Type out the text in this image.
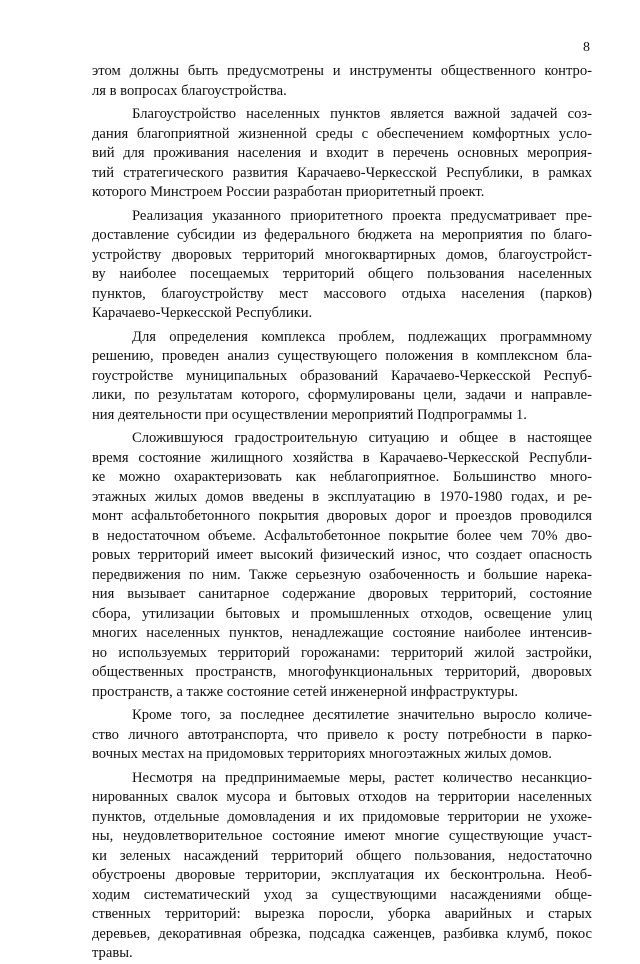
8
этом должны быть предусмотрены и инструменты общественного контро-
ля в вопросах благоустройства.
Благоустройство населенных пунктов является важной задачей соз-
дания благоприятной жизненной среды с обеспечением комфортных усло-
вий для проживания населения и входит в перечень основных мероприя-
тий стратегического развития Карачаево-Черкесской Республики, в рамках
которого Минстроем России разработан приоритетный проект.
Реализация указанного приоритетного проекта предусматривает пре-
доставление субсидии из федерального бюджета на мероприятия по благо-
устройству дворовых территорий многоквартирных домов, благоустройст-
ву наиболее посещаемых территорий общего пользования населенных
пунктов, благоустройству мест массового отдыха населения (парков)
Карачаево-Черкесской Республики.
Для определения комплекса проблем, подлежащих программному
решению, проведен анализ существующего положения в комплексном бла-
гоустройстве муниципальных образований Карачаево-Черкесской Респуб-
лики, по результатам которого, сформулированы цели, задачи и направле-
ния деятельности при осуществлении мероприятий Подпрограммы 1.
Сложившуюся градостроительную ситуацию и общее в настоящее
время состояние жилищного хозяйства в Карачаево-Черкесской Республи-
ке можно охарактеризовать как неблагоприятное. Большинство много-
этажных жилых домов введены в эксплуатацию в 1970-1980 годах, и ре-
монт асфальтобетонного покрытия дворовых дорог и проездов проводился
в недостаточном объеме. Асфальтобетонное покрытие более чем 70% дво-
ровых территорий имеет высокий физический износ, что создает опасность
передвижения по ним. Также серьезную озабоченность и большие нарека-
ния вызывает санитарное содержание дворовых территорий, состояние
сбора, утилизации бытовых и промышленных отходов, освещение улиц
многих населенных пунктов, ненадлежащие состояние наиболее интенсив-
но используемых территорий горожанами: территорий жилой застройки,
общественных пространств, многофункциональных территорий, дворовых
пространств, а также состояние сетей инженерной инфраструктуры.
Кроме того, за последнее десятилетие значительно выросло количе-
ство личного автотранспорта, что привело к росту потребности в парко-
вочных местах на придомовых территориях многоэтажных жилых домов.
Несмотря на предпринимаемые меры, растет количество несанкцио-
нированных свалок мусора и бытовых отходов на территории населенных
пунктов, отдельные домовладения и их придомовые территории не ухоже-
ны, неудовлетворительное состояние имеют многие существующие участ-
ки зеленых насаждений территорий общего пользования, недостаточно
обустроены дворовые территории, эксплуатация их бесконтрольна. Необ-
ходим систематический уход за существующими насаждениями обще-
ственных территорий: вырезка поросли, уборка аварийных и старых
деревьев, декоративная обрезка, подсадка саженцев, разбивка клумб, покос
травы.
